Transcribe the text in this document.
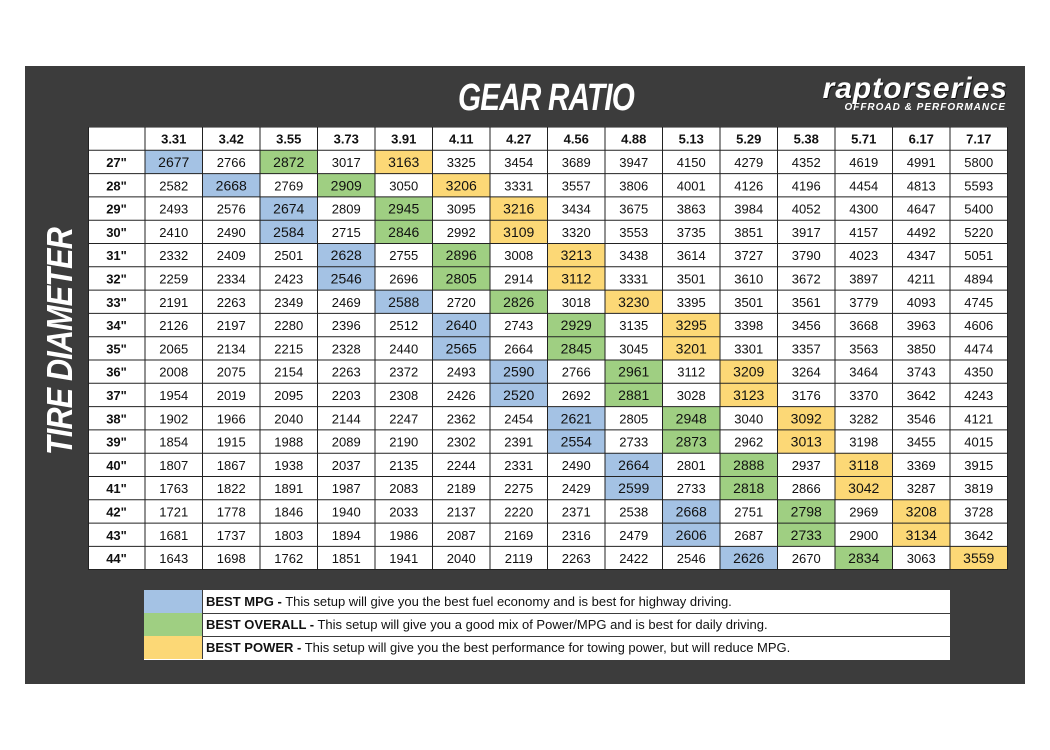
GEAR RATIO	raptorseries
OFFROAD & PERFORMANCE
TIRE DIAMETER
3.31 3.42 3.55 3.73 3.91	4.11	4.27 4.56 4.88 5.13 5.29 5.38 5.71 6.17 7.17
27" 2677 2766 2872 3017 3163 3325 3454 3689 3947 4150 4279 4352 4619 4991 5800
28" 2582 2668 2769 2909 3050 3206 3331 3557 3806 4001 4126 4196 4454 4813 5593
29" 2493 2576 2674 2809 2945 3095 3216 3434 3675 3863 3984 4052 4300 4647 5400
30" 2410 2490 2584 2715 2846 2992 3109 3320 3553 3735 3851 3917 4157 4492 5220
31" 2332 2409 2501 2628 2755 2896 3008 3213 3438 3614 3727 3790 4023 4347 5051
32" 2259 2334 2423 2546 2696 2805 2914 3112 3331 3501 3610 3672 3897 4211 4894
33" 2191 2263 2349 2469 2588 2720 2826 3018 3230 3395 3501 3561 3779 4093 4745
34" 2126 2197 2280 2396 2512 2640 2743 2929 3135 3295 3398 3456 3668 3963 4606
35" 2065 2134 2215 2328 2440 2565 2664 2845 3045 3201 3301 3357 3563 3850 4474
36" 2008 2075 2154 2263 2372 2493 2590 2766 2961 3112 3209 3264 3464 3743 4350
37" 1954 2019 2095 2203 2308 2426 2520 2692 2881 3028 3123 3176 3370 3642 4243
38" 1902 1966 2040 2144 2247 2362 2454 2621 2805 2948 3040 3092 3282 3546 4121
39" 1854 1915 1988 2089 2190 2302 2391 2554 2733 2873 2962 3013 3198 3455 4015
40" 1807 1867 1938 2037 2135 2244 2331 2490 2664 2801 2888 2937 3118 3369 3915
41" 1763 1822 1891 1987 2083 2189 2275 2429 2599 2733 2818 2866 3042 3287 3819
42" 1721 1778 1846 1940 2033 2137 2220 2371 2538 2668 2751 2798 2969 3208 3728
43" 1681 1737 1803 1894 1986 2087 2169 2316 2479 2606 2687 2733 2900 3134 3642
44" 1643 1698 1762 1851 1941 2040 2119 2263 2422 2546 2626 2670 2834 3063 3559
BEST MPG - This setup will give you the best fuel economy and is best for highway driving.
BEST OVERALL - This setup will give you a good mix of Power/MPG and is best for daily driving.
BEST POWER - This setup will give you the best performance for towing power, but will reduce MPG.
